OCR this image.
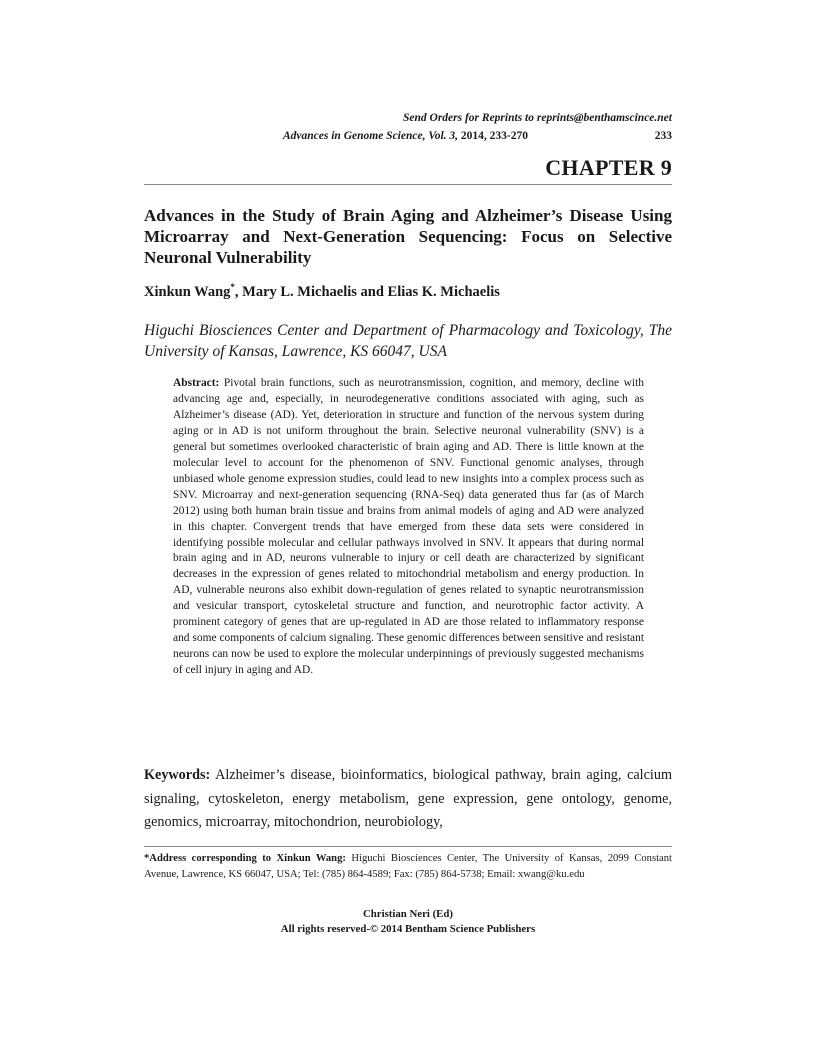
Send Orders for Reprints to reprints@benthamscince.net
Advances in Genome Science, Vol. 3, 2014, 233-270	233
CHAPTER 9
Advances in the Study of Brain Aging and Alzheimer’s Disease Using Microarray and Next-Generation Sequencing: Focus on Selective Neuronal Vulnerability
Xinkun Wang*, Mary L. Michaelis and Elias K. Michaelis

Higuchi Biosciences Center and Department of Pharmacology and Toxicology, The University of Kansas, Lawrence, KS 66047, USA

Abstract: Pivotal brain functions, such as neurotransmission, cognition, and memory, decline with advancing age and, especially, in neurodegenerative conditions associated with aging, such as Alzheimer’s disease (AD). Yet, deterioration in structure and function of the nervous system during aging or in AD is not uniform throughout the brain. Selective neuronal vulnerability (SNV) is a general but sometimes overlooked characteristic of brain aging and AD. There is little known at the molecular level to account for the phenomenon of SNV. Functional genomic analyses, through unbiased whole genome expression studies, could lead to new insights into a complex process such as SNV. Microarray and next-generation sequencing (RNA-Seq) data generated thus far (as of March 2012) using both human brain tissue and brains from animal models of aging and AD were analyzed in this chapter. Convergent trends that have emerged from these data sets were considered in identifying possible molecular and cellular pathways involved in SNV. It appears that during normal brain aging and in AD, neurons vulnerable to injury or cell death are characterized by significant decreases in the expression of genes related to mitochondrial metabolism and energy production. In AD, vulnerable neurons also exhibit down-regulation of genes related to synaptic neurotransmission and vesicular transport, cytoskeletal structure and function, and neurotrophic factor activity. A prominent category of genes that are up-regulated in AD are those related to inflammatory response and some components of calcium signaling. These genomic differences between sensitive and resistant neurons can now be used to explore the molecular underpinnings of previously suggested mechanisms of cell injury in aging and AD.

Keywords: Alzheimer’s disease, bioinformatics, biological pathway, brain aging, calcium signaling, cytoskeleton, energy metabolism, gene expression, gene ontology, genome, genomics, microarray, mitochondrion, neurobiology,

*Address corresponding to Xinkun Wang: Higuchi Biosciences Center, The University of Kansas, 2099 Constant Avenue, Lawrence, KS 66047, USA; Tel: (785) 864-4589; Fax: (785) 864-5738; Email: xwang@ku.edu

Christian Neri (Ed)
All rights reserved-© 2014 Bentham Science Publishers
